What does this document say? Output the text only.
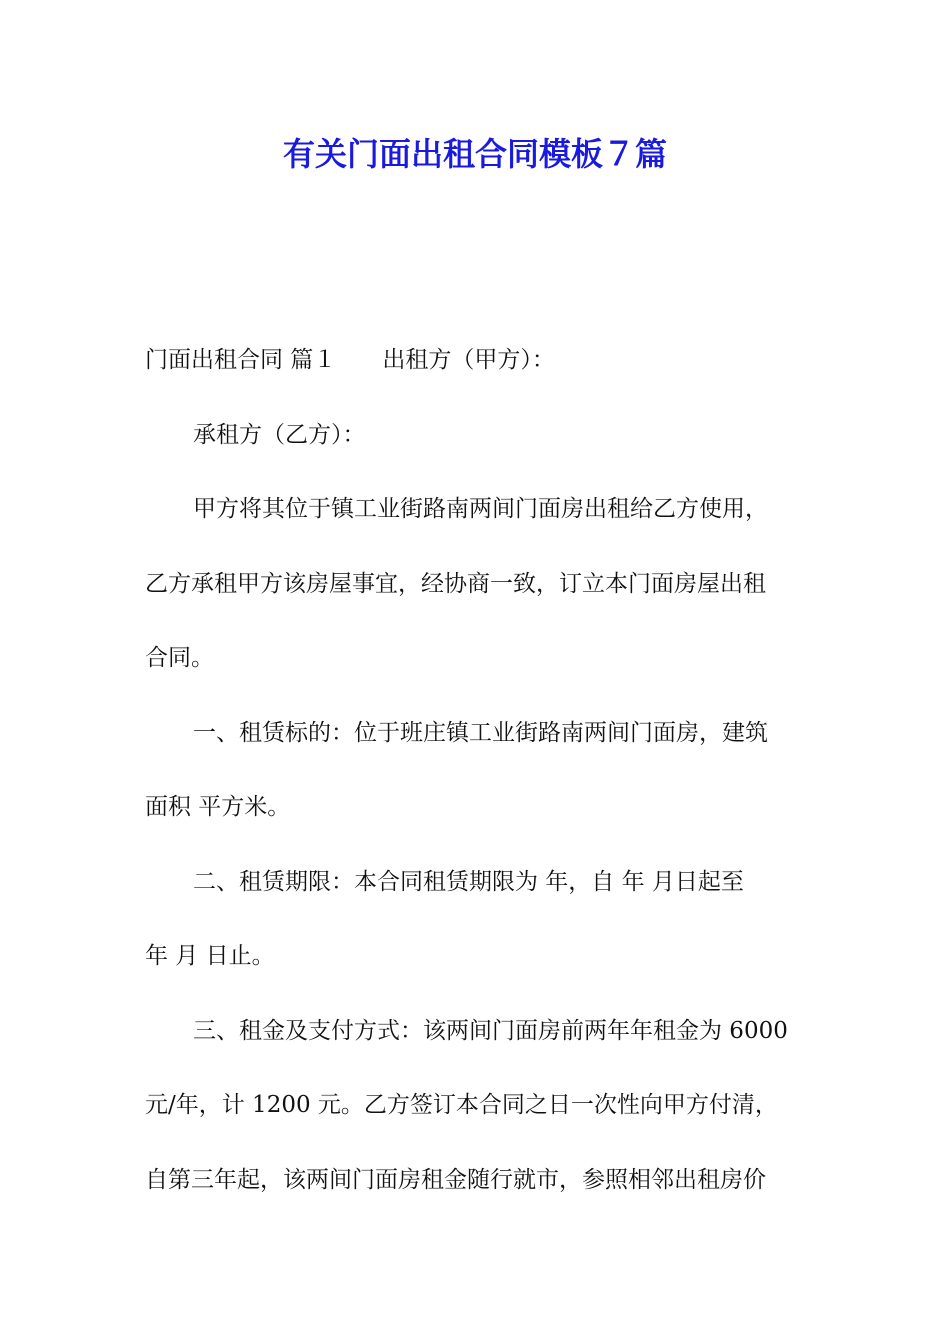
有关门面出租合同模板７篇
门面出租合同 篇１ 出租方（甲方）：
承租方（乙方）：
甲方将其位于镇工业街路南两间门面房出租给乙方使用，
乙方承租甲方该房屋事宜，经协商一致，订立本门面房屋出租
合同。
一、租赁标的：位于班庄镇工业街路南两间门面房，建筑
面积 平方米。
二、租赁期限：本合同租赁期限为 年，自 年 月日起至
年 月 日止。
三、租金及支付方式：该两间门面房前两年年租金为 6000
元/年，计 1200 元。乙方签订本合同之日一次性向甲方付清，
自第三年起，该两间门面房租金随行就市，参照相邻出租房价
